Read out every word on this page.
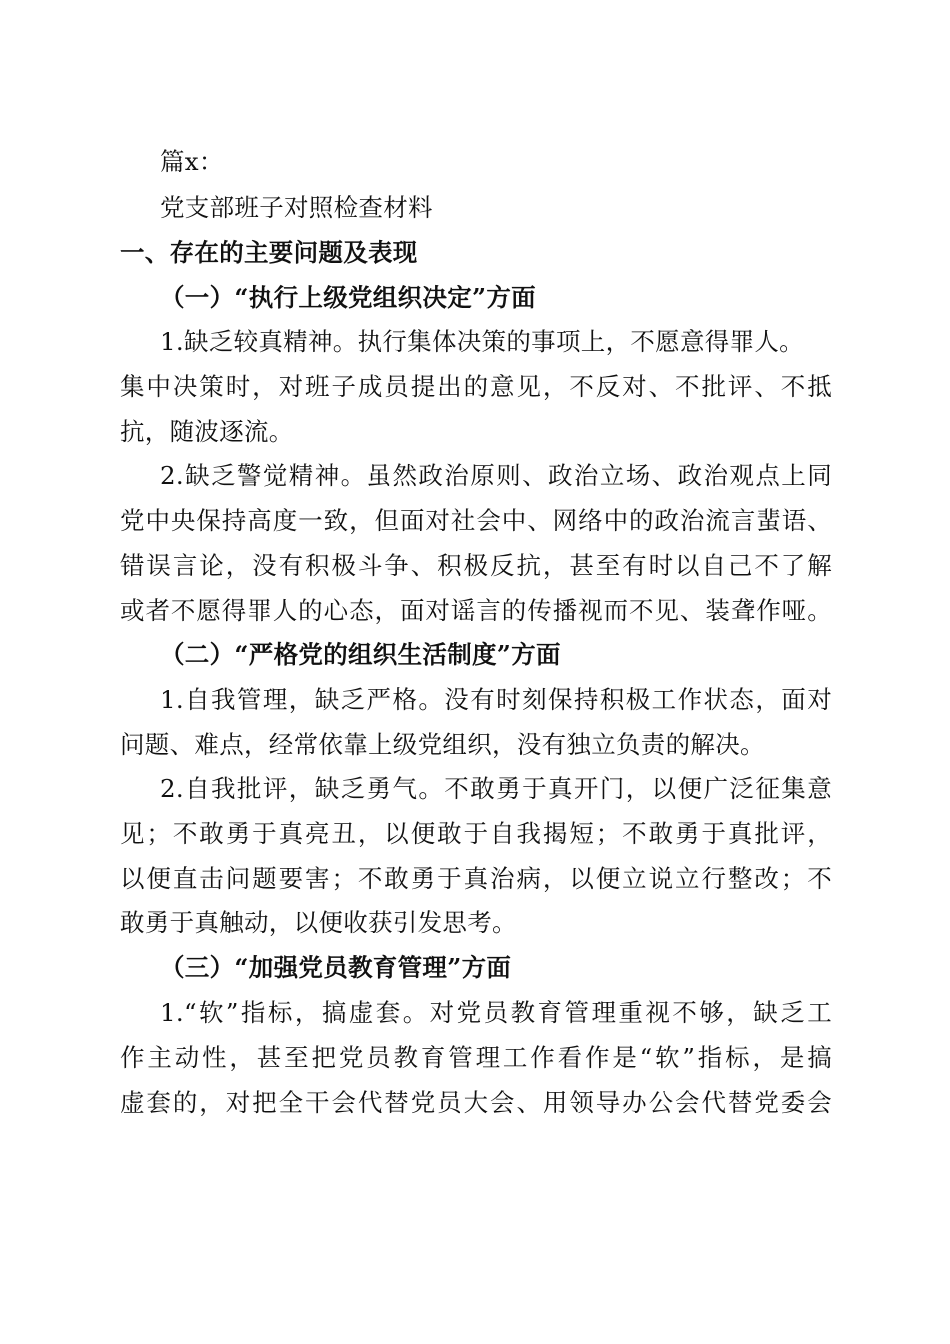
篇x：
党支部班子对照检查材料
一、存在的主要问题及表现
（一）“执行上级党组织决定”方面
1.缺乏较真精神。执行集体决策的事项上，不愿意得罪人。
集中决策时，对班子成员提出的意见，不反对、不批评、不抵
抗，随波逐流。
2.缺乏警觉精神。虽然政治原则、政治立场、政治观点上同
党中央保持高度一致，但面对社会中、网络中的政治流言蜚语、
错误言论，没有积极斗争、积极反抗，甚至有时以自己不了解
或者不愿得罪人的心态，面对谣言的传播视而不见、装聋作哑。
（二）“严格党的组织生活制度”方面
1.自我管理，缺乏严格。没有时刻保持积极工作状态，面对
问题、难点，经常依靠上级党组织，没有独立负责的解决。
2.自我批评，缺乏勇气。不敢勇于真开门，以便广泛征集意
见；不敢勇于真亮丑，以便敢于自我揭短；不敢勇于真批评，
以便直击问题要害；不敢勇于真治病，以便立说立行整改；不
敢勇于真触动，以便收获引发思考。
（三）“加强党员教育管理”方面
1.“软”指标，搞虚套。对党员教育管理重视不够，缺乏工
作主动性，甚至把党员教育管理工作看作是“软”指标，是搞
虚套的，对把全干会代替党员大会、用领导办公会代替党委会
